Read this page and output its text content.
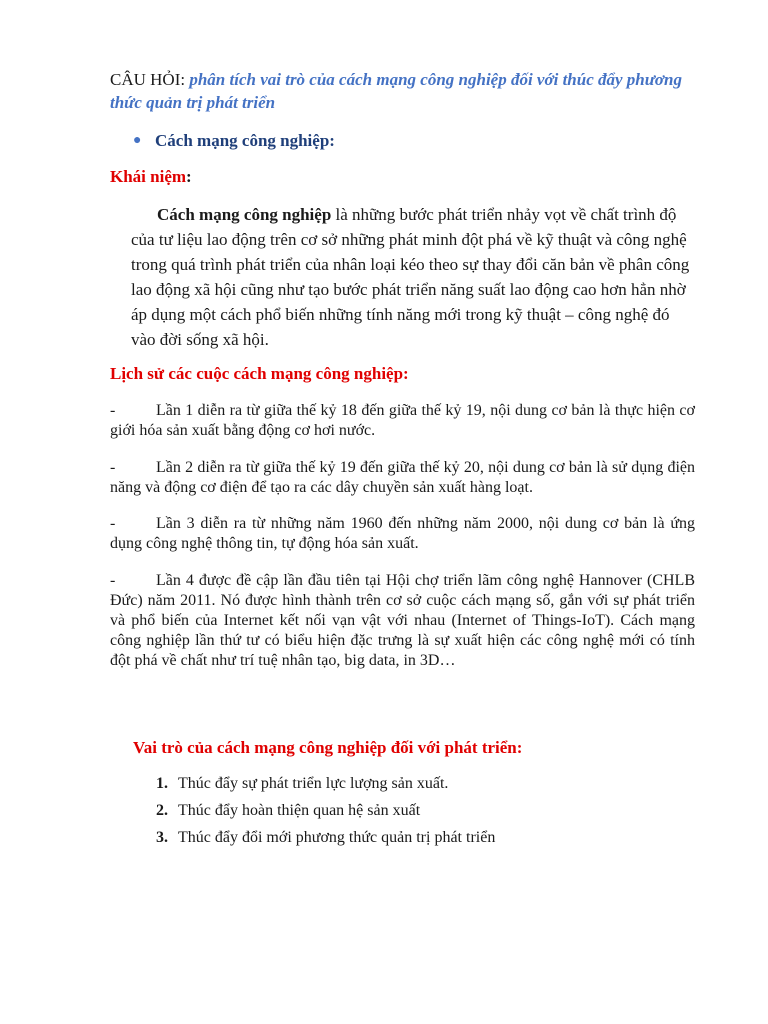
CÂU HỎI: phân tích vai trò của cách mạng công nghiệp đối với thúc đẩy phương thức quản trị phát triển
● Cách mạng công nghiệp:
Khái niệm:
Cách mạng công nghiệp là những bước phát triển nhảy vọt về chất trình độ của tư liệu lao động trên cơ sở những phát minh đột phá về kỹ thuật và công nghệ trong quá trình phát triển của nhân loại kéo theo sự thay đổi căn bản về phân công lao động xã hội cũng như tạo bước phát triển năng suất lao động cao hơn hẳn nhờ áp dụng một cách phổ biến những tính năng mới trong kỹ thuật – công nghệ đó vào đời sống xã hội.
Lịch sử các cuộc cách mạng công nghiệp:
-	Lần 1 diễn ra từ giữa thế kỷ 18 đến giữa thế kỷ 19, nội dung cơ bản là thực hiện cơ giới hóa sản xuất bằng động cơ hơi nước.
-	Lần 2 diễn ra từ giữa thế kỷ 19 đến giữa thế kỷ 20, nội dung cơ bản là sử dụng điện năng và động cơ điện để tạo ra các dây chuyền sản xuất hàng loạt.
-	Lần 3 diễn ra từ những năm 1960 đến những năm 2000, nội dung cơ bản là ứng dụng công nghệ thông tin, tự động hóa sản xuất.
-	Lần 4 được đề cập lần đầu tiên tại Hội chợ triển lãm công nghệ Hannover (CHLB Đức) năm 2011. Nó được hình thành trên cơ sở cuộc cách mạng số, gắn với sự phát triển và phổ biến của Internet kết nối vạn vật với nhau (Internet of Things-IoT). Cách mạng công nghiệp lần thứ tư có biểu hiện đặc trưng là sự xuất hiện các công nghệ mới có tính đột phá về chất như trí tuệ nhân tạo, big data, in 3D…
Vai trò của cách mạng công nghiệp đối với phát triển:
1. Thúc đẩy sự phát triển lực lượng sản xuất.
2. Thúc đẩy hoàn thiện quan hệ sản xuất
3. Thúc đẩy đổi mới phương thức quản trị phát triển
